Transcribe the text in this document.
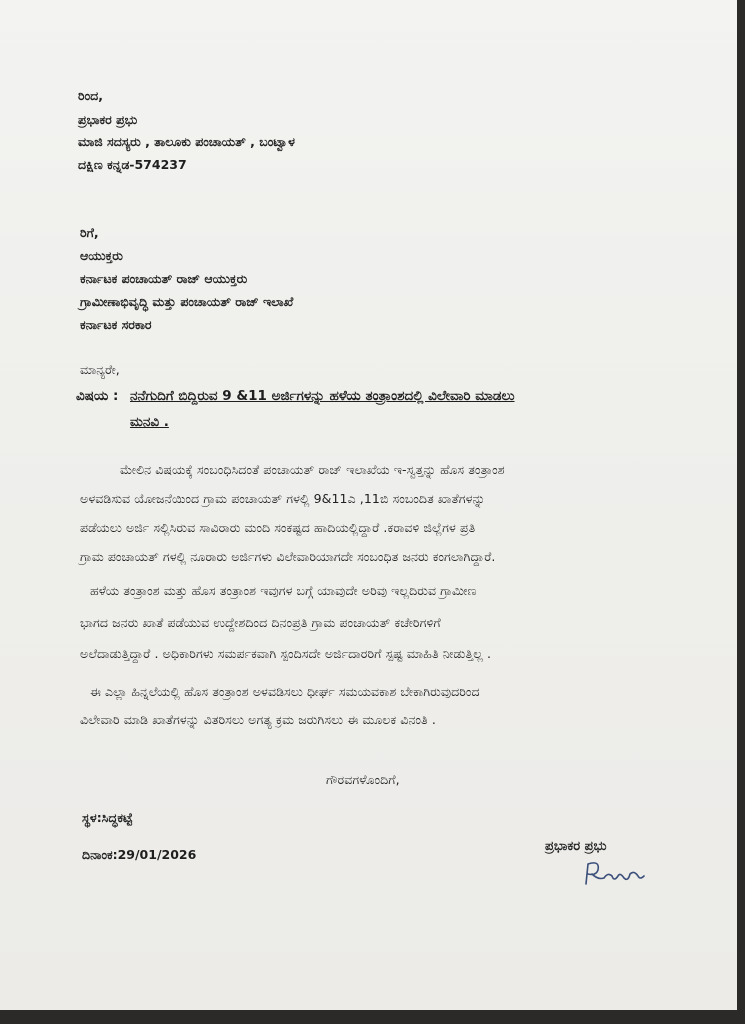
ರಿಂದ,
ಪ್ರಭಾಕರ ಪ್ರಭು
ಮಾಜಿ ಸದಸ್ಯರು , ತಾಲೂಕು ಪಂಚಾಯತ್ , ಬಂಟ್ವಾಳ
ದಕ್ಷಿಣ ಕನ್ನಡ-574237
ರಿಗೆ,
ಆಯುಕ್ತರು
ಕರ್ನಾಟಕ ಪಂಚಾಯತ್ ರಾಜ್ ಆಯುಕ್ತರು
ಗ್ರಾಮೀಣಾಭಿವೃದ್ಧಿ ಮತ್ತು ಪಂಚಾಯತ್ ರಾಜ್ ಇಲಾಖೆ
ಕರ್ನಾಟಕ ಸರಕಾರ
ಮಾನ್ಯರೇ,
ವಿಷಯ : ನನೆಗುದಿಗೆ ಬಿದ್ದಿರುವ 9 &11 ಅರ್ಜಿಗಳನ್ನು ಹಳೆಯ ತಂತ್ರಾಂಶದಲ್ಲಿ ವಿಲೇವಾರಿ ಮಾಡಲು
ಮನವಿ .
ಮೇಲಿನ ವಿಷಯಕ್ಕೆ ಸಂಬಂಧಿಸಿದಂತೆ ಪಂಚಾಯತ್ ರಾಜ್ ಇಲಾಖೆಯ ಇ-ಸ್ವತ್ತನ್ನು ಹೊಸ ತಂತ್ರಾಂಶ
ಅಳವಡಿಸುವ ಯೋಜನೆಯಿಂದ ಗ್ರಾಮ ಪಂಚಾಯತ್ ಗಳಲ್ಲಿ 9&11ಎ ,11ಬಿ ಸಂಬಂದಿತ ಖಾತೆಗಳನ್ನು
ಪಡೆಯಲು ಅರ್ಜಿ ಸಲ್ಲಿಸಿರುವ ಸಾವಿರಾರು ಮಂದಿ ಸಂಕಷ್ಟದ ಹಾದಿಯಲ್ಲಿದ್ದಾರೆ .ಕರಾವಳಿ ಜಿಲ್ಲೆಗಳ ಪ್ರತಿ
ಗ್ರಾಮ ಪಂಚಾಯತ್ ಗಳಲ್ಲಿ ನೂರಾರು ಅರ್ಜಿಗಳು ವಿಲೇವಾರಿಯಾಗದೇ ಸಂಬಂಧಿತ ಜನರು ಕಂಗಲಾಗಿದ್ದಾರೆ.
ಹಳೆಯ ತಂತ್ರಾಂಶ ಮತ್ತು ಹೊಸ ತಂತ್ರಾಂಶ ಇವುಗಳ ಬಗ್ಗೆ ಯಾವುದೇ ಅರಿವು ಇಲ್ಲದಿರುವ ಗ್ರಾಮೀಣ
ಭಾಗದ ಜನರು ಖಾತೆ ಪಡೆಯುವ ಉದ್ದೇಶದಿಂದ ದಿನಂಪ್ರತಿ ಗ್ರಾಮ ಪಂಚಾಯತ್ ಕಚೇರಿಗಳಿಗೆ
ಅಲೆದಾಡುತ್ತಿದ್ದಾರೆ . ಅಧಿಕಾರಿಗಳು ಸಮರ್ಪಕವಾಗಿ ಸ್ಪಂದಿಸದೇ ಅರ್ಜಿದಾರರಿಗೆ ಸ್ಪಷ್ಟ ಮಾಹಿತಿ ನೀಡುತ್ತಿಲ್ಲ .
ಈ ಎಲ್ಲಾ ಹಿನ್ನಲೆಯಲ್ಲಿ ಹೊಸ ತಂತ್ರಾಂಶ ಅಳವಡಿಸಲು ಧೀರ್ಘ ಸಮಯವಕಾಶ ಬೇಕಾಗಿರುವುದರಿಂದ
ವಿಲೇವಾರಿ ಮಾಡಿ ಖಾತೆಗಳನ್ನು ವಿತರಿಸಲು ಅಗತ್ಯ ಕ್ರಮ ಜರುಗಿಸಲು ಈ ಮೂಲಕ ವಿನಂತಿ .
ಗೌರವಗಳೊಂದಿಗೆ,
ಸ್ಥಳ:ಸಿದ್ಧಕಟ್ಟೆ
ದಿನಾಂಕ:29/01/2026
ಪ್ರಭಾಕರ ಪ್ರಭು
